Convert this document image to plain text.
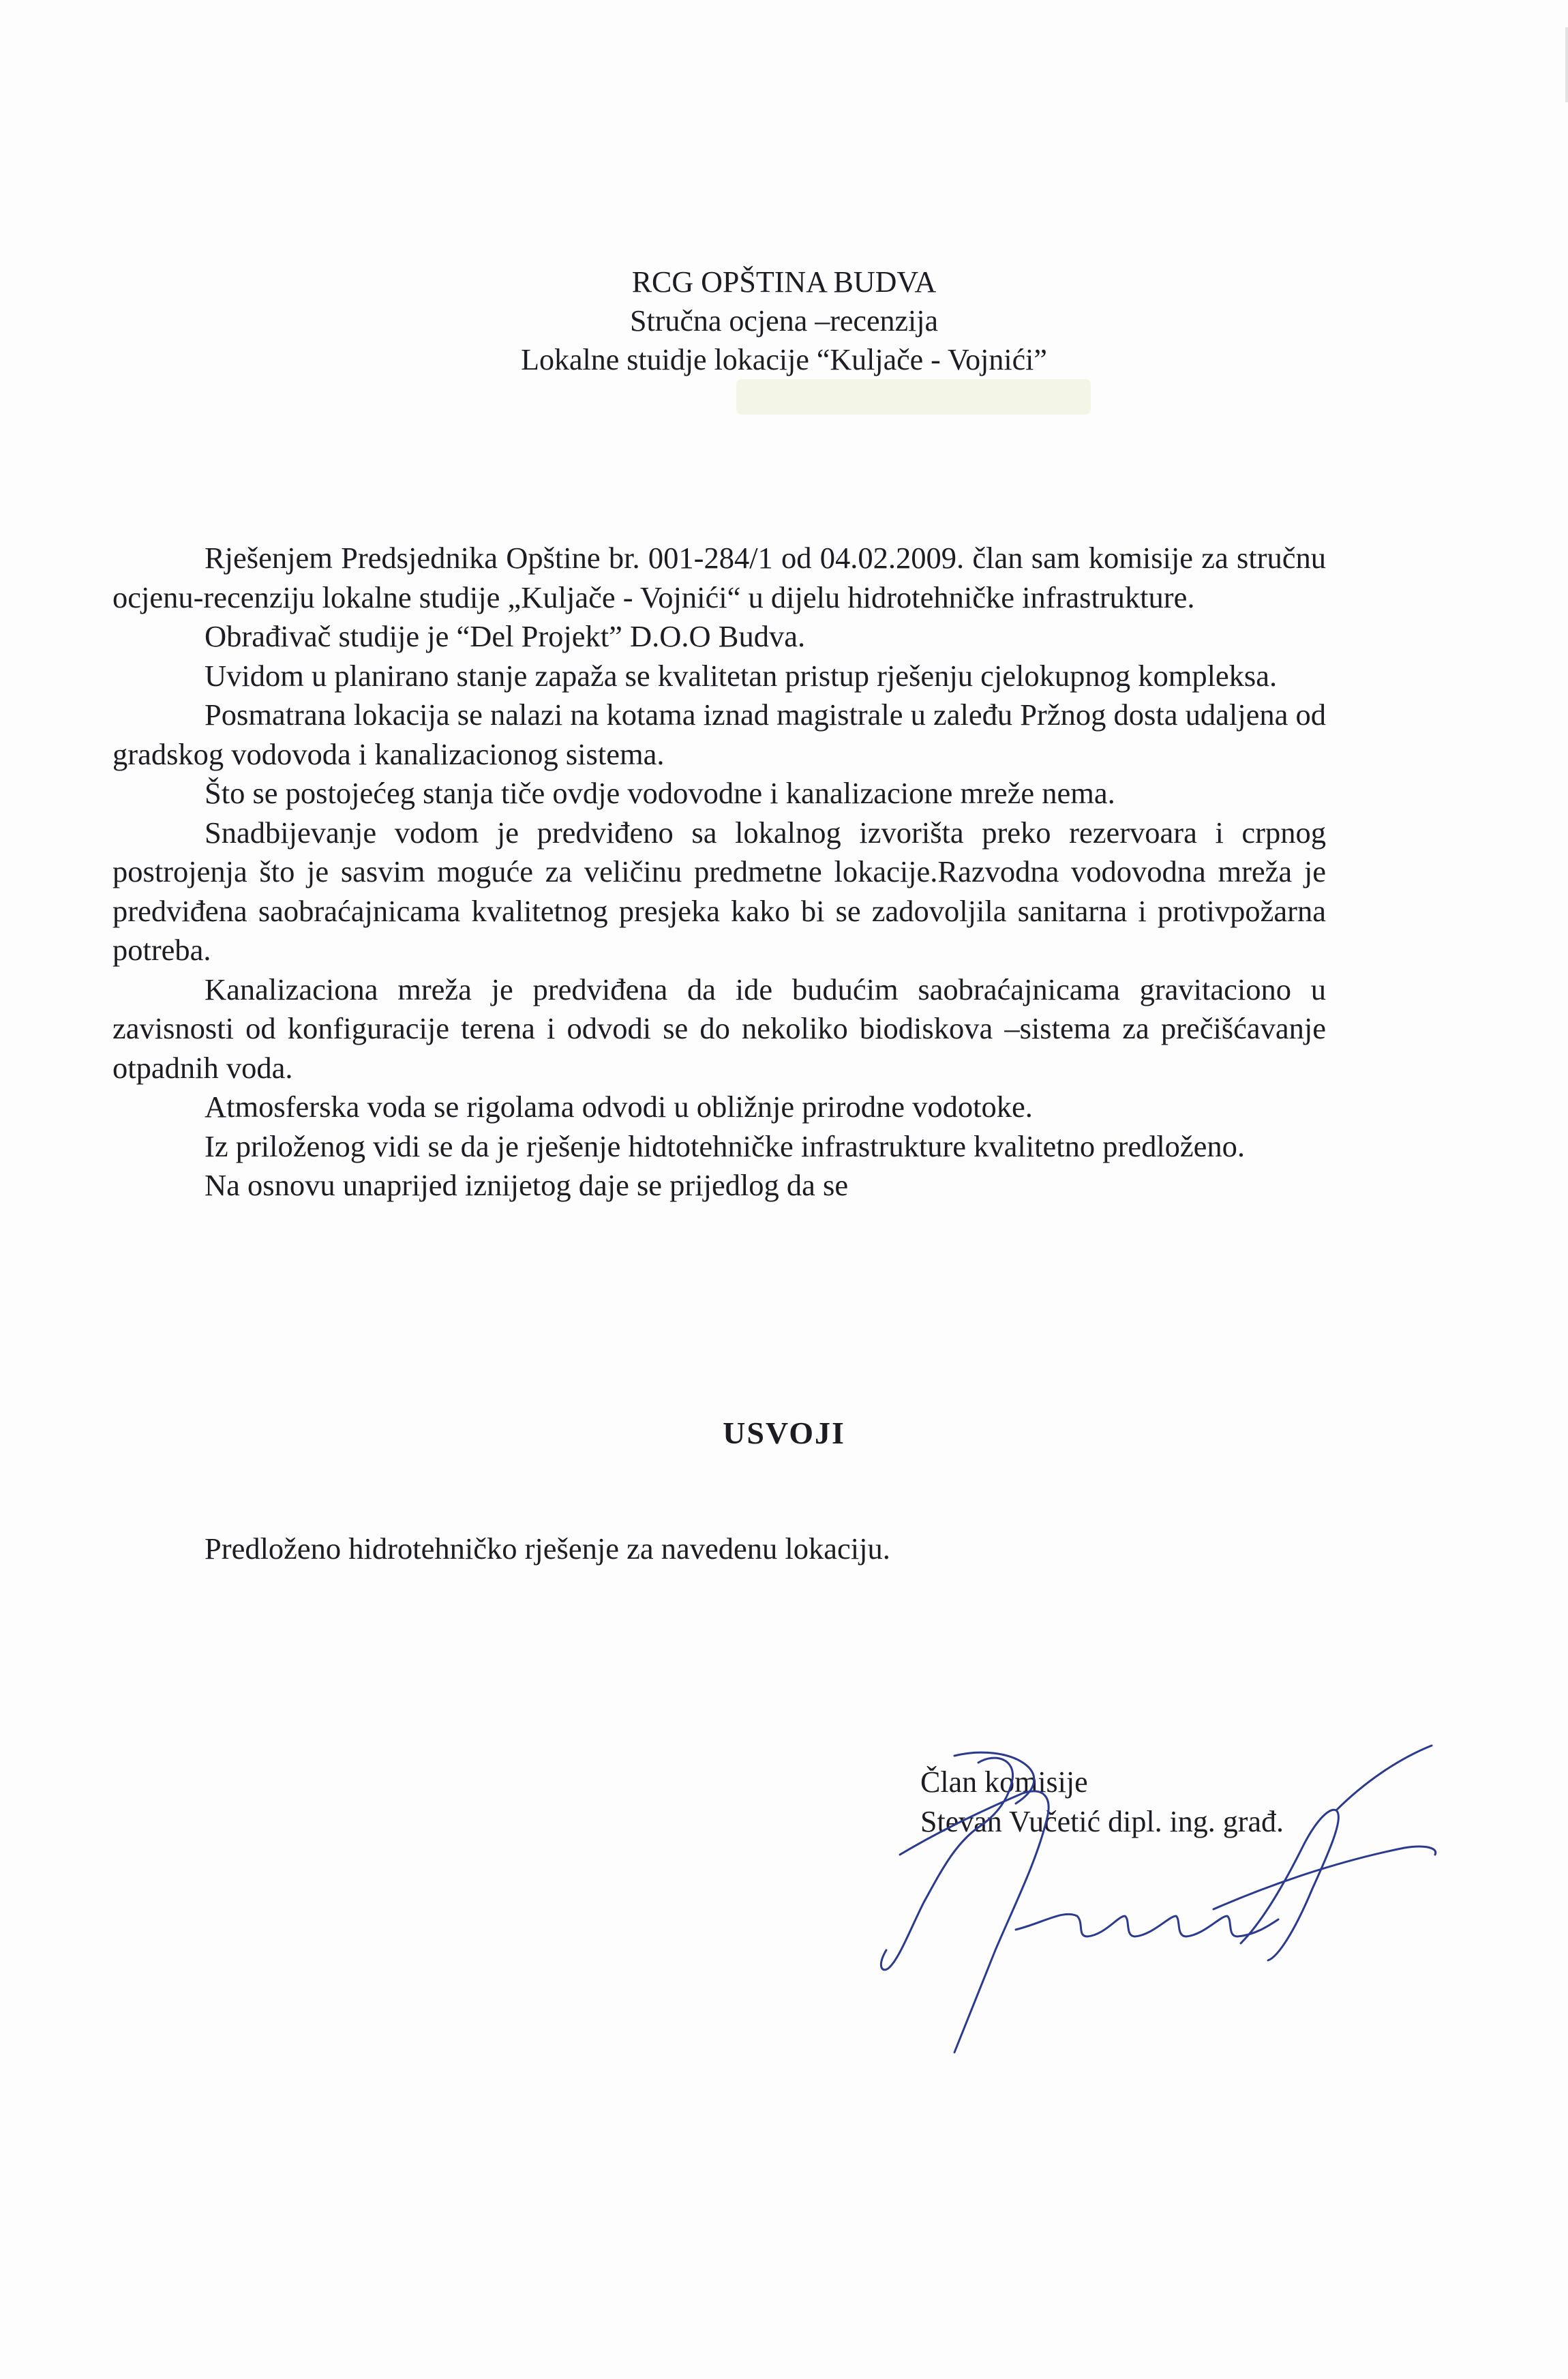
RCG OPŠTINA BUDVA
Stručna ocjena –recenzija
Lokalne stuidje lokacije “Kuljače - Vojnići”

Rješenjem Predsjednika Opštine br. 001-284/1 od 04.02.2009. član sam komisije za stručnu ocjenu-recenziju lokalne studije „Kuljače - Vojnići“ u dijelu hidrotehničke infrastrukture.

Obrađivač studije je “Del Projekt” D.O.O Budva.

Uvidom u planirano stanje zapaža se kvalitetan pristup rješenju cjelokupnog kompleksa.

Posmatrana lokacija se nalazi na kotama iznad magistrale u zaleđu Pržnog dosta udaljena od gradskog vodovoda i kanalizacionog sistema.

Što se postojećeg stanja tiče ovdje vodovodne i kanalizacione mreže nema.

Snadbijevanje vodom je predviđeno sa lokalnog izvorišta preko rezervoara i crpnog postrojenja što je sasvim moguće za veličinu predmetne lokacije.Razvodna vodovodna mreža je predviđena saobraćajnicama kvalitetnog presjeka kako bi se zadovoljila sanitarna i protivpožarna potreba.

Kanalizaciona mreža je predviđena da ide budućim saobraćajnicama gravitaciono u zavisnosti od konfiguracije terena i odvodi se do nekoliko biodiskova –sistema za prečišćavanje otpadnih voda.

Atmosferska voda se rigolama odvodi u obližnje prirodne vodotoke.

Iz priloženog vidi se da je rješenje hidtotehničke infrastrukture kvalitetno predloženo.

Na osnovu unaprijed iznijetog daje se prijedlog da se

USVOJI
Predloženo hidrotehničko rješenje za navedenu lokaciju.
Član komisije
Stevan Vučetić dipl. ing. građ.
